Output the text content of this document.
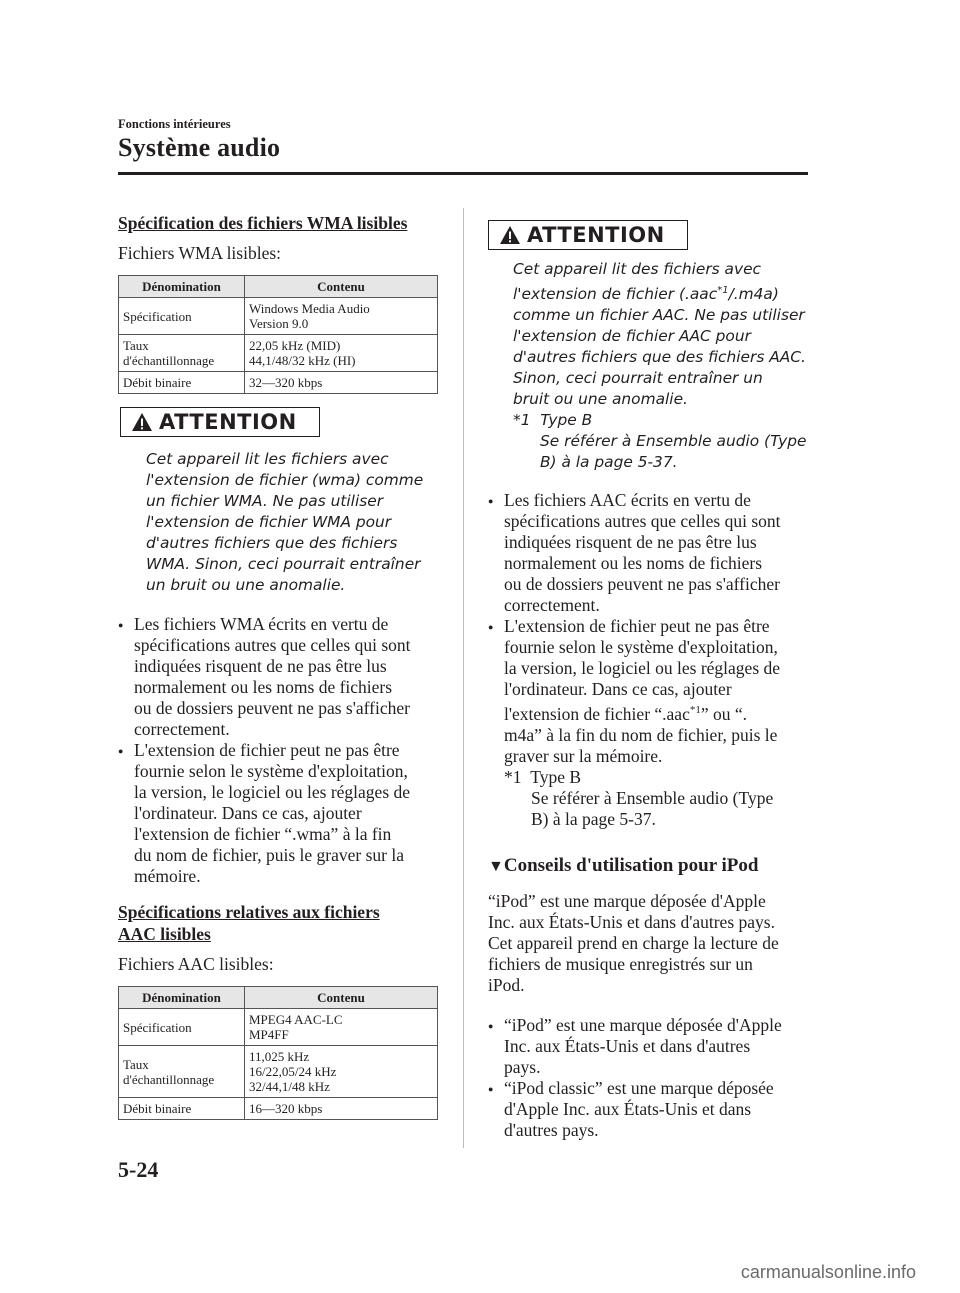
Fonctions intérieures
Système audio
Spécification des fichiers WMA lisibles
Fichiers WMA lisibles:
Dénomination	Contenu
Spécification	Windows Media Audio
Version 9.0
Taux
d'échantillonnage	22,05 kHz (MID)
44,1/48/32 kHz (HI)
Débit binaire	32—320 kbps
ATTENTION
Cet appareil lit les fichiers avec
l'extension de fichier (wma) comme
un fichier WMA. Ne pas utiliser
l'extension de fichier WMA pour
d'autres fichiers que des fichiers
WMA. Sinon, ceci pourrait entraîner
un bruit ou une anomalie.
● Les fichiers WMA écrits en vertu de
spécifications autres que celles qui sont
indiquées risquent de ne pas être lus
normalement ou les noms de fichiers
ou de dossiers peuvent ne pas s'afficher
correctement.
● L'extension de fichier peut ne pas être
fournie selon le système d'exploitation,
la version, le logiciel ou les réglages de
l'ordinateur. Dans ce cas, ajouter
l'extension de fichier “.wma” à la fin
du nom de fichier, puis le graver sur la
mémoire.
Spécifications relatives aux fichiers
AAC lisibles
Fichiers AAC lisibles:
Dénomination	Contenu
Spécification	MPEG4 AAC-LC
MP4FF
Taux
d'échantillonnage	11,025 kHz
16/22,05/24 kHz
32/44,1/48 kHz
Débit binaire	16—320 kbps
ATTENTION
Cet appareil lit des fichiers avec
l'extension de fichier (.aac$^{*1}$/.m4a)
comme un fichier AAC. Ne pas utiliser
l'extension de fichier AAC pour
d'autres fichiers que des fichiers AAC.
Sinon, ceci pourrait entraîner un
bruit ou une anomalie.
*1 Type B
Se référer à Ensemble audio (Type
B) à la page 5-37.
● Les fichiers AAC écrits en vertu de
spécifications autres que celles qui sont
indiquées risquent de ne pas être lus
normalement ou les noms de fichiers
ou de dossiers peuvent ne pas s'afficher
correctement.
● L'extension de fichier peut ne pas être
fournie selon le système d'exploitation,
la version, le logiciel ou les réglages de
l'ordinateur. Dans ce cas, ajouter
l'extension de fichier “.aac$^{*1}$” ou “.
m4a” à la fin du nom de fichier, puis le
graver sur la mémoire.
*1 Type B
Se référer à Ensemble audio (Type
B) à la page 5-37.
▼Conseils d'utilisation pour iPod
“iPod” est une marque déposée d'Apple
Inc. aux États-Unis et dans d'autres pays.
Cet appareil prend en charge la lecture de
fichiers de musique enregistrés sur un
iPod.
● “iPod” est une marque déposée d'Apple
Inc. aux États-Unis et dans d'autres
pays.
● “iPod classic” est une marque déposée
d'Apple Inc. aux États-Unis et dans
d'autres pays.
5-24
carmanualsonline.info
